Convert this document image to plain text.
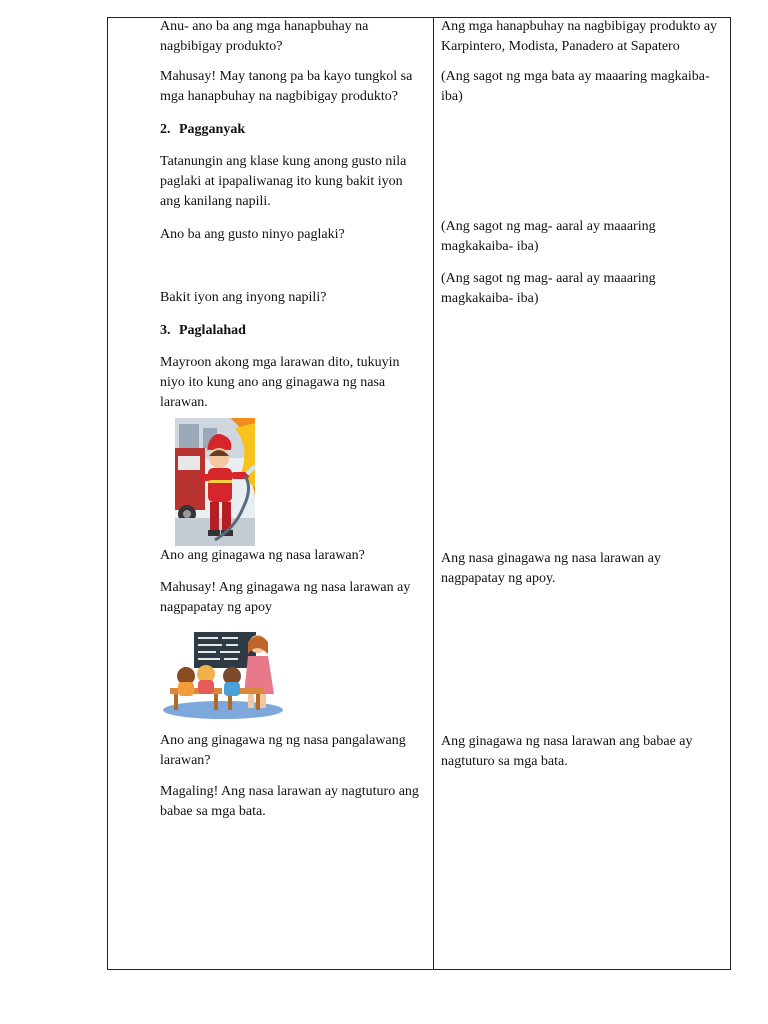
Anu- ano ba ang mga hanapbuhay na nagbibigay produkto?

Mahusay! May tanong pa ba kayo tungkol sa mga hanapbuhay na nagbibigay produkto?

2. Pagganyak

Tatanungin ang klase kung anong gusto nila paglaki at ipapaliwanag ito kung bakit iyon ang kanilang napili.

Ano ba ang gusto ninyo paglaki?

Bakit iyon ang inyong napili?

3. Paglalahad

Mayroon akong mga larawan dito, tukuyin niyo ito kung ano ang ginagawa ng nasa larawan.

Ano ang ginagawa ng nasa larawan?

Mahusay! Ang ginagawa ng nasa larawan ay nagpapatay ng apoy

Ano ang ginagawa ng ng nasa pangalawang larawan?

Magaling! Ang nasa larawan ay nagtuturo ang babae sa mga bata.

Ang mga hanapbuhay na nagbibigay produkto ay Karpintero, Modista, Panadero at Sapatero

(Ang sagot ng mga bata ay maaaring magkaiba- iba)

(Ang sagot ng mag- aaral ay maaaring magkakaiba- iba)

(Ang sagot ng mag- aaral ay maaaring magkakaiba- iba)

Ang nasa ginagawa ng nasa larawan ay nagpapatay ng apoy.

Ang ginagawa ng nasa larawan ang babae ay nagtuturo sa mga bata.
